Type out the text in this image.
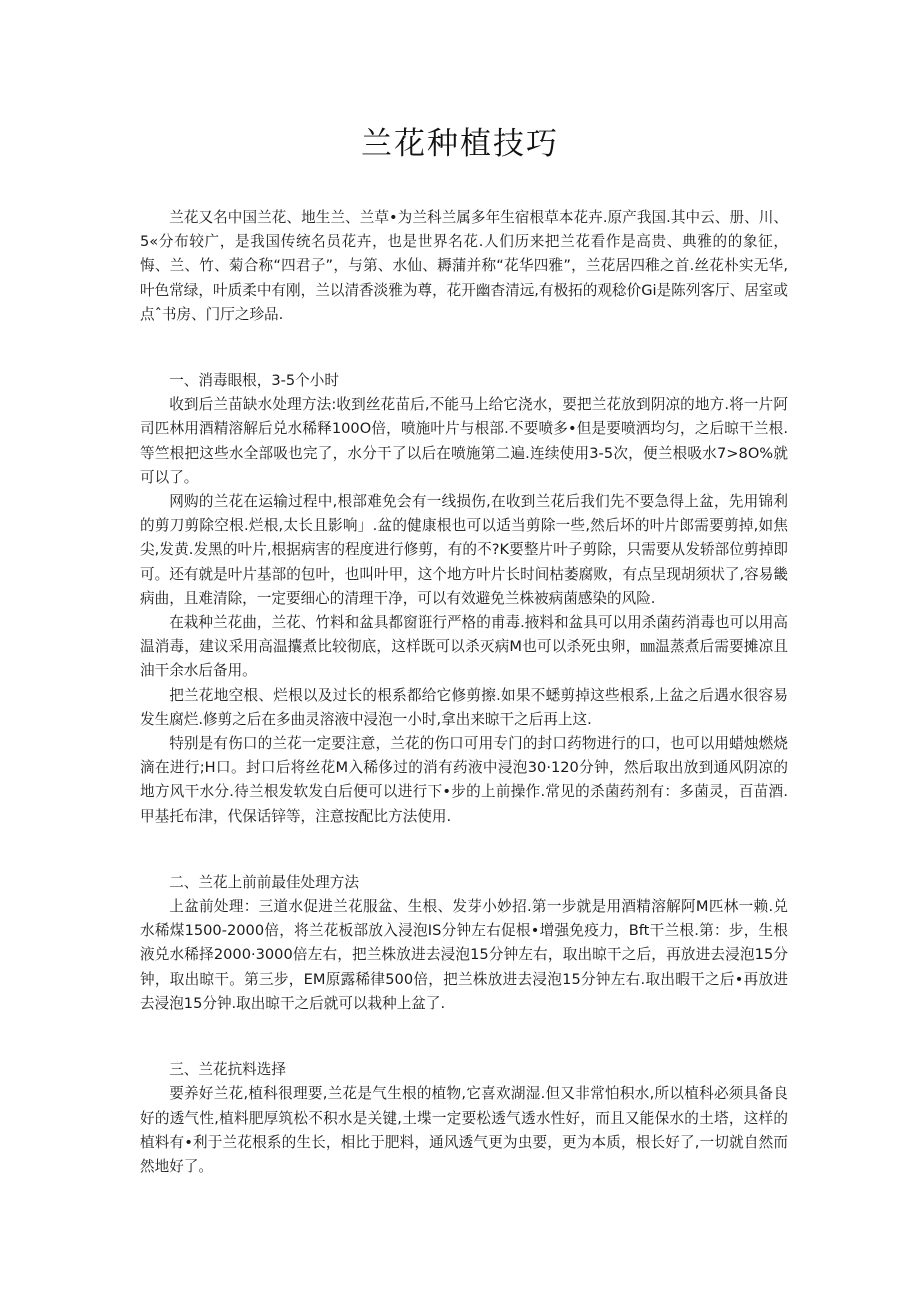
兰花种植技巧

兰花又名中国兰花、地生兰、兰草•为兰科兰属多年生宿根草本花卉.原产我国.其中云、册、川、5«分布较广，是我国传统名员花卉，也是世界名花.人们历来把兰花看作是高贵、典雅的的象征，悔、兰、竹、菊合称“四君子”，与第、水仙、耨蒲并称“花华四雅”，兰花居四稚之首.丝花朴实无华,叶色常绿，叶质柔中有刚，兰以清香淡雅为尊，花开幽杳清远,有极拓的观稔价Gi是陈列客厅、居室或点ˆ书房、门厅之珍品.

一、消毒眼根，3-5个小时

收到后兰苗缺水处理方法:收到丝花苗后,不能马上给它浇水，要把兰花放到阴凉的地方.将一片阿司匹林用酒精溶解后兑水稀释100O倍，喷施叶片与根部.不要喷多•但是要喷洒均匀，之后晾干兰根.等竺根把这些水全部吸也完了，水分干了以后在喷施第二遍.连续使用3-5次，便兰根吸水7>8O%就可以了。

网购的兰花在运输过程中,根部难免会有一线损伤,在收到兰花后我们先不要急得上盆，先用锦利的剪刀剪除空根.烂根,太长且影响」.盆的健康根也可以适当剪除一些,然后坏的叶片郎需要剪掉,如焦尖,发黄.发黑的叶片,根据病害的程度进行修剪，有的不?K要整片叶子剪除，只需要从发轿部位剪掉即可。还有就是叶片基部的包叶，也叫叶甲，这个地方叶片长时间枯萎腐败，有点呈现胡须状了,容易畿病曲，且难清除，一定要细心的清理干净，可以有效避免兰株被病菌感染的风险.

在栽种兰花曲，兰花、竹料和盆具都窗诳行严格的甫毒.掖料和盆具可以用杀菌药消毒也可以用高温消毒，建议采用高温攮煮比较彻底，这样既可以杀灭病M也可以杀死虫卵，㎜温蒸煮后需要摊凉且油干余水后备用。

把兰花地空根、烂根以及过长的根系都给它修剪擦.如果不蟋剪掉这些根系,上盆之后遇水很容易发生腐烂.修剪之后在多曲灵溶液中浸泡一小时,拿出来晾干之后再上这.

特别是有伤口的兰花一定要注意，兰花的伤口可用专门的封口药物进行的口，也可以用蜡烛燃烧滴在进行;H口。封口后将丝花M入稀侈过的消有药液中浸泡30·120分钟，然后取出放到通风阴凉的地方风干水分.待兰根发软发白后便可以进行下•步的上前操作.常见的杀菌药剂有：多菌灵，百苗酒.甲基托布津，代保话锌等，注意按配比方法使用.

二、兰花上前前最佳处理方法

上盆前处理：三道水促进兰花服盆、生根、发芽小妙招.第一步就是用酒精溶解阿M匹林一赖.兑水稀煤1500-2000倍，将兰花板部放入浸泡IS分钟左右促根•增强免疫力，Bft干兰根.第：步，生根液兑水稀择2000·3000倍左右，把兰株放进去浸泡15分钟左右，取出晾干之后，再放进去浸泡15分钟，取出晾干。第三步，EM原露稀律500倍，把兰株放进去浸泡15分钟左右.取出暇干之后•再放进去浸泡15分钟.取出晾干之后就可以栽种上盆了.

三、兰花抗料选择

要养好兰花,植科很理要,兰花是气生根的植物,它喜欢湖湿.但又非常怕积水,所以植科必须具备良好的透气性,植料肥厚筑松不积水是关键,土堞一定要松透气透水性好，而且又能保水的土塔，这样的植料有•利于兰花根系的生长，相比于肥料，通风透气更为虫要，更为本质，根长好了,一切就自然而然地好了。
